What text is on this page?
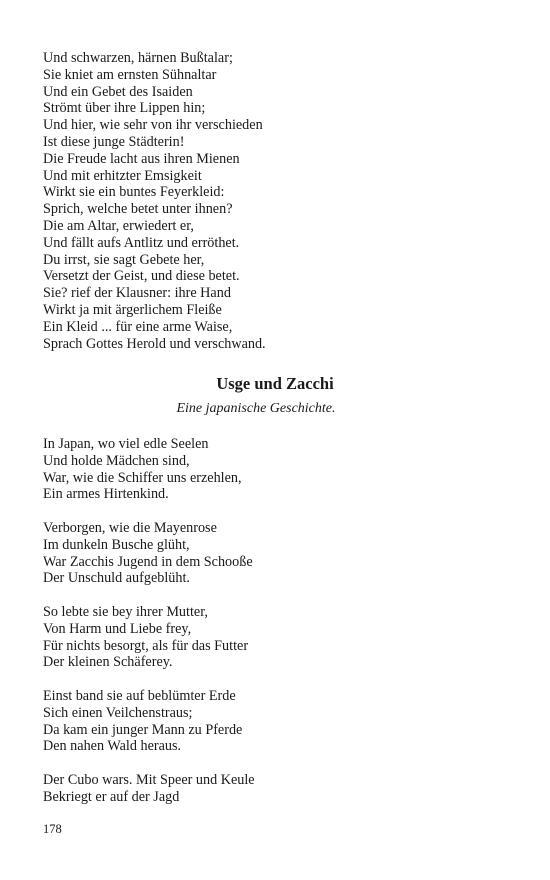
Und schwarzen, härnen Bußtalar;
Sie kniet am ernsten Sühnaltar
Und ein Gebet des Isaiden
Strömt über ihre Lippen hin;
Und hier, wie sehr von ihr verschieden
Ist diese junge Städterin!
Die Freude lacht aus ihren Mienen
Und mit erhitzter Emsigkeit
Wirkt sie ein buntes Feyerkleid:
Sprich, welche betet unter ihnen?
Die am Altar, erwiedert er,
Und fällt aufs Antlitz und erröthet.
Du irrst, sie sagt Gebete her,
Versetzt der Geist, und diese betet.
Sie? rief der Klausner: ihre Hand
Wirkt ja mit ärgerlichem Fleiße
Ein Kleid ... für eine arme Waise,
Sprach Gottes Herold und verschwand.
Usge und Zacchi
Eine japanische Geschichte.
In Japan, wo viel edle Seelen
Und holde Mädchen sind,
War, wie die Schiffer uns erzehlen,
Ein armes Hirtenkind.
Verborgen, wie die Mayenrose
Im dunkeln Busche glüht,
War Zacchis Jugend in dem Schooße
Der Unschuld aufgeblüht.
So lebte sie bey ihrer Mutter,
Von Harm und Liebe frey,
Für nichts besorgt, als für das Futter
Der kleinen Schäferey.
Einst band sie auf beblümter Erde
Sich einen Veilchenstraus;
Da kam ein junger Mann zu Pferde
Den nahen Wald heraus.
Der Cubo wars. Mit Speer und Keule
Bekriegt er auf der Jagd
178
